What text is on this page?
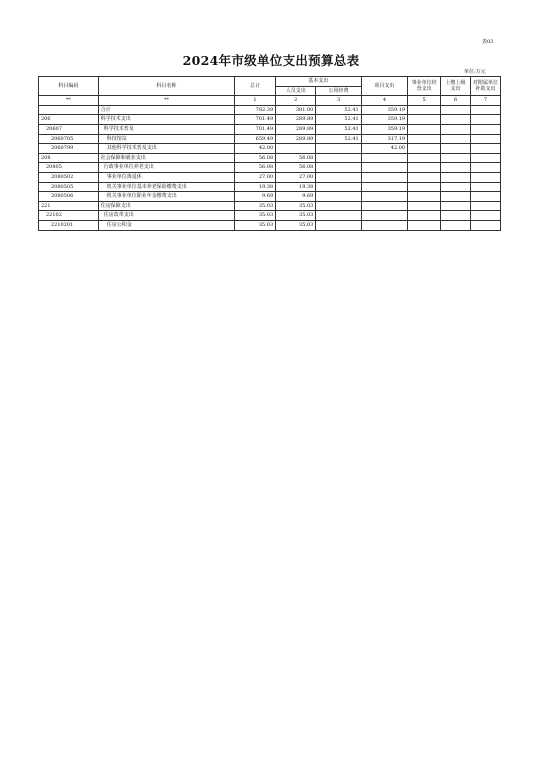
表03
2024年市级单位支出预算总表
单位:万元
科目编码	科目名称	总计	基本支出		项目支出	事业单位经营支出	上缴上级支出	对附属单位补助支出
			人员支出	公用经费				
**	**	1	2	3	4	5	6	7
	合计	782.39	381.00	52.41	359.19			
206	科学技术支出	701.49	289.89	52.41	359.19			
20607	科学技术普及	701.49	289.89	52.41	359.19			
2060705	科技馆站	659.49	289.89	52.41	317.19			
2060799	其他科学技术普及支出	42.00			42.00			
208	社会保障和就业支出	56.08	56.08					
20805	行政事业单位养老支出	56.08	56.08					
2080502	事业单位离退休	27.00	27.00					
2080505	机关事业单位基本养老保险缴费支出	19.38	19.38					
2080506	机关事业单位职业年金缴费支出	9.69	9.69					
221	住房保障支出	35.03	35.03					
22102	住房改革支出	35.03	35.03					
2210201	住房公积金	35.03	35.03					
